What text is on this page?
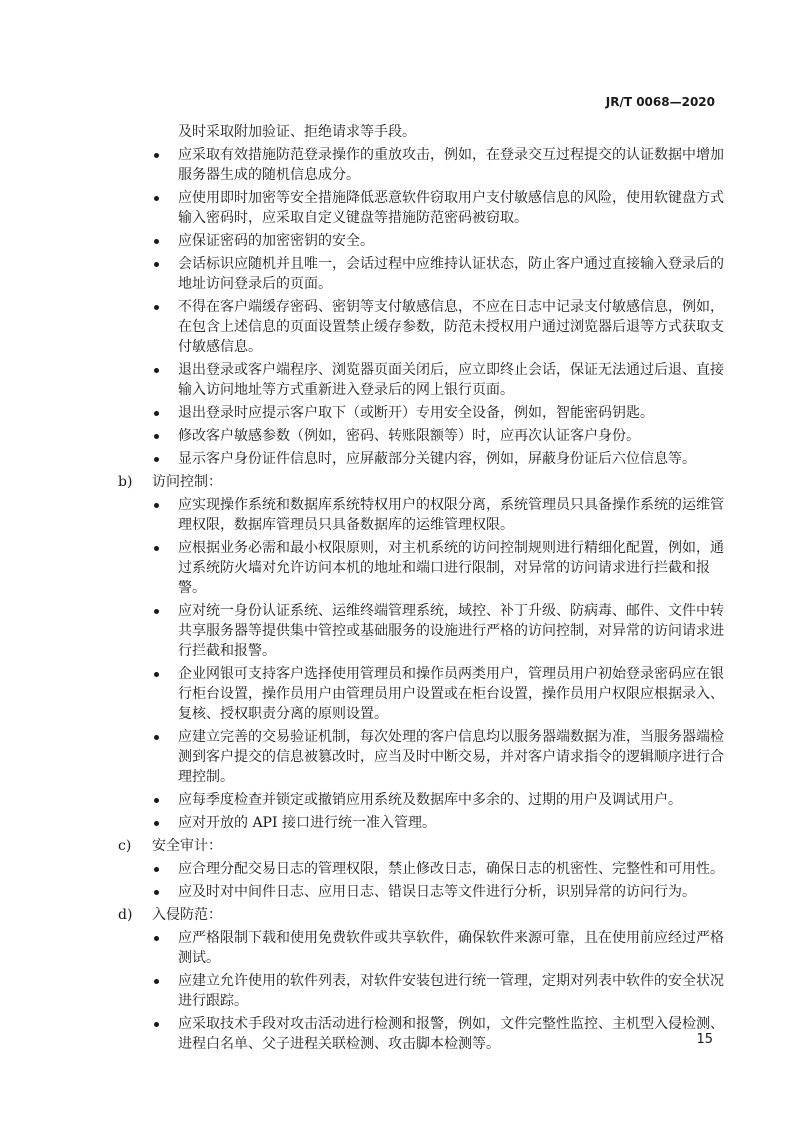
JR/T 0068—2020
及时采取附加验证、拒绝请求等手段。
应采取有效措施防范登录操作的重放攻击，例如，在登录交互过程提交的认证数据中增加
服务器生成的随机信息成分。
应使用即时加密等安全措施降低恶意软件窃取用户支付敏感信息的风险，使用软键盘方式
输入密码时，应采取自定义键盘等措施防范密码被窃取。
应保证密码的加密密钥的安全。
会话标识应随机并且唯一，会话过程中应维持认证状态，防止客户通过直接输入登录后的
地址访问登录后的页面。
不得在客户端缓存密码、密钥等支付敏感信息，不应在日志中记录支付敏感信息，例如，
在包含上述信息的页面设置禁止缓存参数，防范未授权用户通过浏览器后退等方式获取支
付敏感信息。
退出登录或客户端程序、浏览器页面关闭后，应立即终止会话，保证无法通过后退、直接
输入访问地址等方式重新进入登录后的网上银行页面。
退出登录时应提示客户取下（或断开）专用安全设备，例如，智能密码钥匙。
修改客户敏感参数（例如，密码、转账限额等）时，应再次认证客户身份。
显示客户身份证件信息时，应屏蔽部分关键内容，例如，屏蔽身份证后六位信息等。
b)	访问控制：
应实现操作系统和数据库系统特权用户的权限分离，系统管理员只具备操作系统的运维管
理权限，数据库管理员只具备数据库的运维管理权限。
应根据业务必需和最小权限原则，对主机系统的访问控制规则进行精细化配置，例如，通
过系统防火墙对允许访问本机的地址和端口进行限制，对异常的访问请求进行拦截和报
警。
应对统一身份认证系统、运维终端管理系统，域控、补丁升级、防病毒、邮件、文件中转
共享服务器等提供集中管控或基础服务的设施进行严格的访问控制，对异常的访问请求进
行拦截和报警。
企业网银可支持客户选择使用管理员和操作员两类用户，管理员用户初始登录密码应在银
行柜台设置，操作员用户由管理员用户设置或在柜台设置，操作员用户权限应根据录入、
复核、授权职责分离的原则设置。
应建立完善的交易验证机制，每次处理的客户信息均以服务器端数据为准，当服务器端检
测到客户提交的信息被篡改时，应当及时中断交易，并对客户请求指令的逻辑顺序进行合
理控制。
应每季度检查并锁定或撤销应用系统及数据库中多余的、过期的用户及调试用户。
应对开放的 API 接口进行统一准入管理。
c)	安全审计：
应合理分配交易日志的管理权限，禁止修改日志，确保日志的机密性、完整性和可用性。
应及时对中间件日志、应用日志、错误日志等文件进行分析，识别异常的访问行为。
d)	入侵防范：
应严格限制下载和使用免费软件或共享软件，确保软件来源可靠，且在使用前应经过严格
测试。
应建立允许使用的软件列表，对软件安装包进行统一管理，定期对列表中软件的安全状况
进行跟踪。
应采取技术手段对攻击活动进行检测和报警，例如，文件完整性监控、主机型入侵检测、
进程白名单、父子进程关联检测、攻击脚本检测等。	15
